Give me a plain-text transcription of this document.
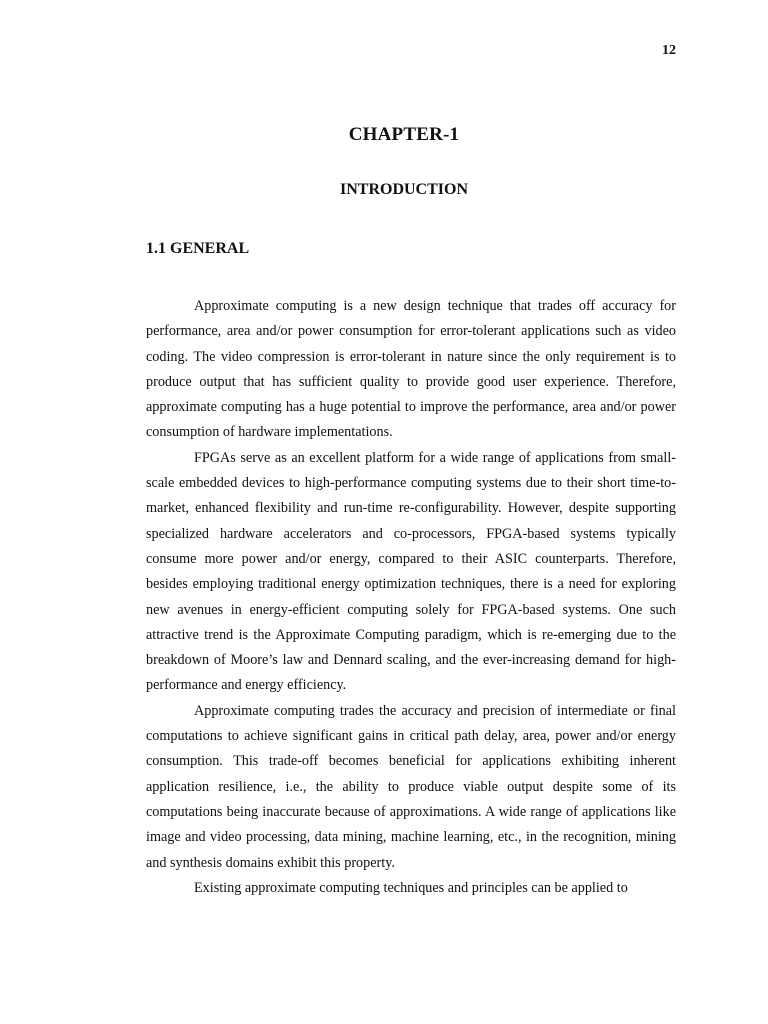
12
CHAPTER-1
INTRODUCTION
1.1 GENERAL

Approximate computing is a new design technique that trades off accuracy for performance, area and/or power consumption for error-tolerant applications such as video coding. The video compression is error-tolerant in nature since the only requirement is to produce output that has sufficient quality to provide good user experience. Therefore, approximate computing has a huge potential to improve the performance, area and/or power consumption of hardware implementations.

FPGAs serve as an excellent platform for a wide range of applications from small-scale embedded devices to high-performance computing systems due to their short time-to-market, enhanced flexibility and run-time re-configurability. However, despite supporting specialized hardware accelerators and co-processors, FPGA-based systems typically consume more power and/or energy, compared to their ASIC counterparts. Therefore, besides employing traditional energy optimization techniques, there is a need for exploring new avenues in energy-efficient computing solely for FPGA-based systems. One such attractive trend is the Approximate Computing paradigm, which is re-emerging due to the breakdown of Moore’s law and Dennard scaling, and the ever-increasing demand for high-performance and energy efficiency.

Approximate computing trades the accuracy and precision of intermediate or final computations to achieve significant gains in critical path delay, area, power and/or energy consumption. This trade-off becomes beneficial for applications exhibiting inherent application resilience, i.e., the ability to produce viable output despite some of its computations being inaccurate because of approximations. A wide range of applications like image and video processing, data mining, machine learning, etc., in the recognition, mining and synthesis domains exhibit this property.

Existing approximate computing techniques and principles can be applied to
